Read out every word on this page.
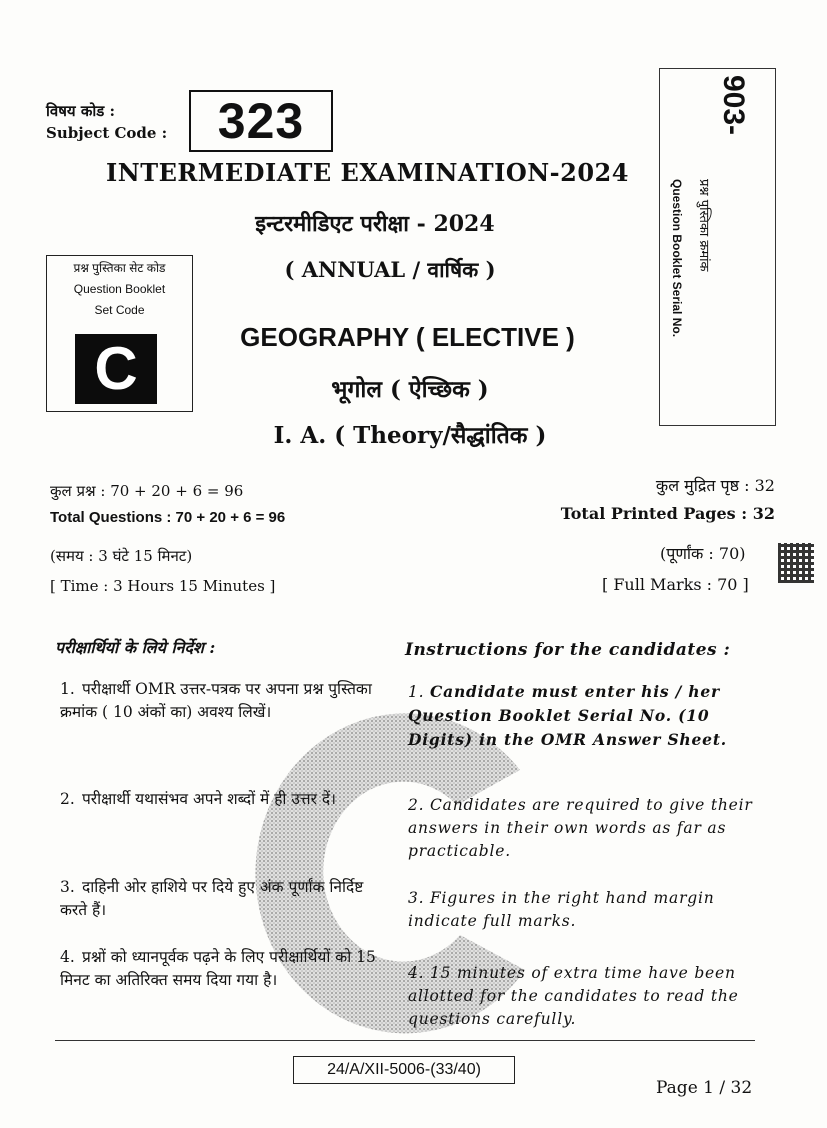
विषय कोड :
Subject Code :	323
INTERMEDIATE EXAMINATION-2024
इन्टरमीडिएट परीक्षा - 2024
( ANNUAL / वार्षिक )
प्रश्न पुस्तिका सेट कोड
Question Booklet
Set Code
C
903-
प्रश्न पुस्तिका क्रमांक
Question Booklet Serial No.
GEOGRAPHY ( ELECTIVE )
भूगोल ( ऐच्छिक )
I. A. ( Theory/सैद्धांतिक )
कुल प्रश्न : 70 + 20 + 6 = 96
Total Questions : 70 + 20 + 6 = 96
कुल मुद्रित पृष्ठ : 32
Total Printed Pages : 32
(समय : 3 घंटे 15 मिनट)
[ Time : 3 Hours 15 Minutes ]
(पूर्णांक : 70)
[ Full Marks : 70 ]
परीक्षार्थियों के लिये निर्देश :	Instructions for the candidates :
1. परीक्षार्थी OMR उत्तर-पत्रक पर अपना प्रश्न पुस्तिका क्रमांक ( 10 अंकों का) अवश्य लिखें।
1. Candidate must enter his / her Question Booklet Serial No. (10 Digits) in the OMR Answer Sheet.
2. परीक्षार्थी यथासंभव अपने शब्दों में ही उत्तर दें।	2. Candidates are required to give their answers in their own words as far as practicable.
3. दाहिनी ओर हाशिये पर दिये हुए अंक पूर्णांक निर्दिष्ट करते हैं।
3. Figures in the right hand margin indicate full marks.
4. प्रश्नों को ध्यानपूर्वक पढ़ने के लिए परीक्षार्थियों को 15 मिनट का अतिरिक्त समय दिया गया है।	4. 15 minutes of extra time have been allotted for the candidates to read the questions carefully.
24/A/XII-5006-(33/40)
Page 1 / 32
